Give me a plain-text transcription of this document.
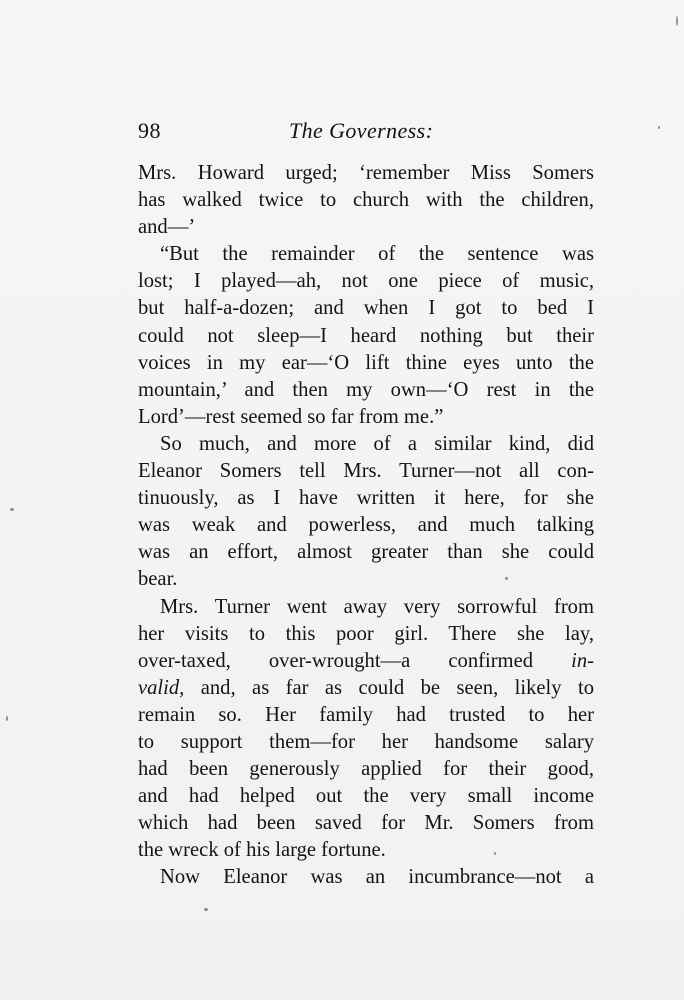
98	The Governess:
Mrs. Howard urged; ‘remember Miss Somers
has walked twice to church with the children,
and—’
“But the remainder of the sentence was
lost; I played—ah, not one piece of music,
but half-a-dozen; and when I got to bed I
could not sleep—I heard nothing but their
voices in my ear—‘O lift thine eyes unto the
mountain,’ and then my own—‘O rest in the
Lord’—rest seemed so far from me.”
So much, and more of a similar kind, did
Eleanor Somers tell Mrs. Turner—not all con-
tinuously, as I have written it here, for she
was weak and powerless, and much talking
was an effort, almost greater than she could
bear.
Mrs. Turner went away very sorrowful from
her visits to this poor girl. There she lay,
over-taxed, over-wrought—a confirmed in-
valid, and, as far as could be seen, likely to
remain so. Her family had trusted to her
to support them—for her handsome salary
had been generously applied for their good,
and had helped out the very small income
which had been saved for Mr. Somers from
the wreck of his large fortune.
Now Eleanor was an incumbrance—not a
